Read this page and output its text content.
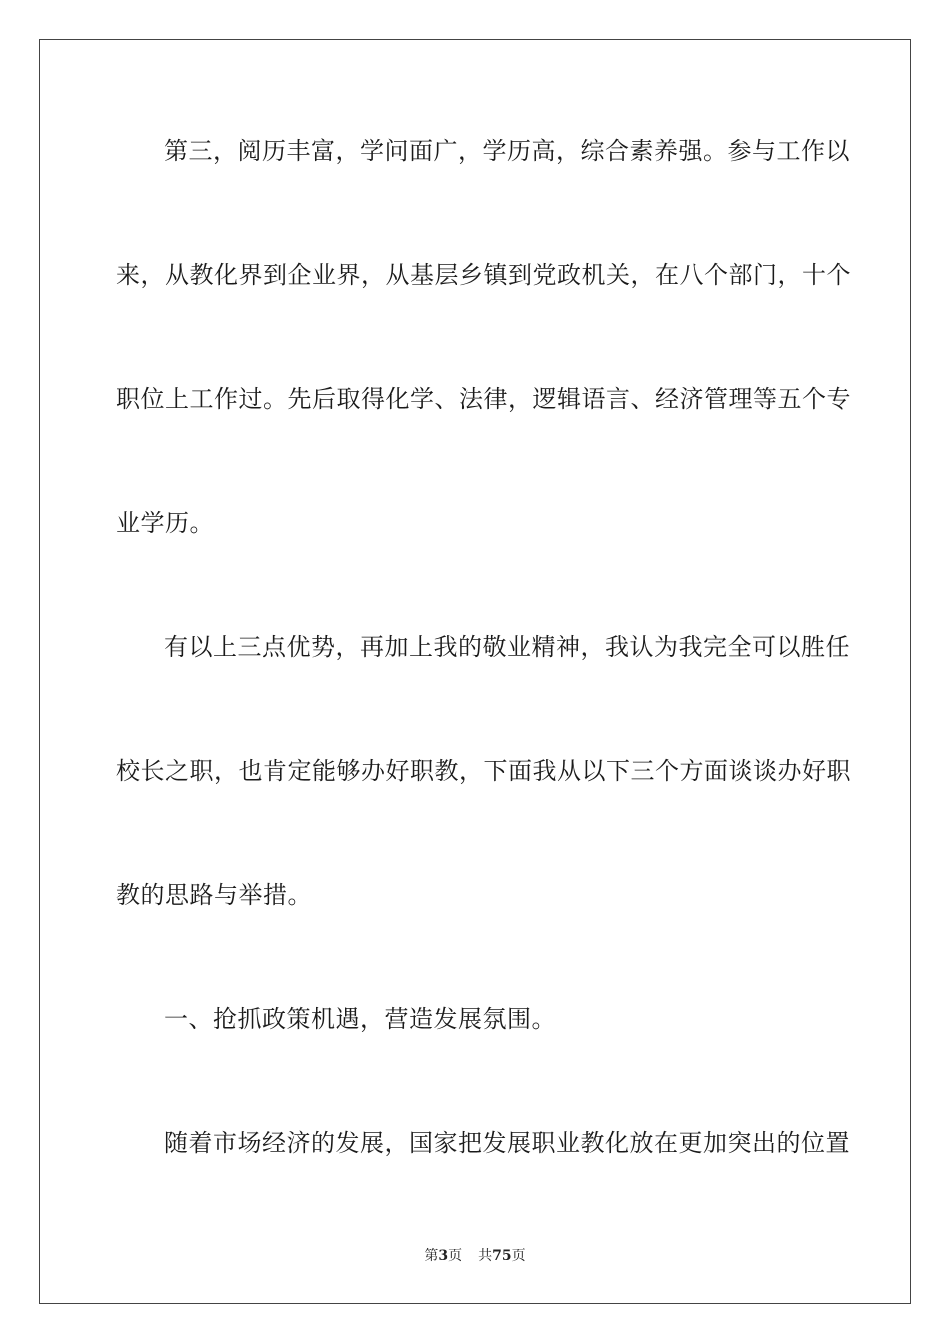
第三，阅历丰富，学问面广，学历高，综合素养强。参与工作以
来，从教化界到企业界，从基层乡镇到党政机关，在八个部门，十个
职位上工作过。先后取得化学、法律，逻辑语言、经济管理等五个专
业学历。
有以上三点优势，再加上我的敬业精神，我认为我完全可以胜任
校长之职，也肯定能够办好职教，下面我从以下三个方面谈谈办好职
教的思路与举措。
一、抢抓政策机遇，营造发展氛围。
随着市场经济的发展，国家把发展职业教化放在更加突出的位置
第3页 共75页
